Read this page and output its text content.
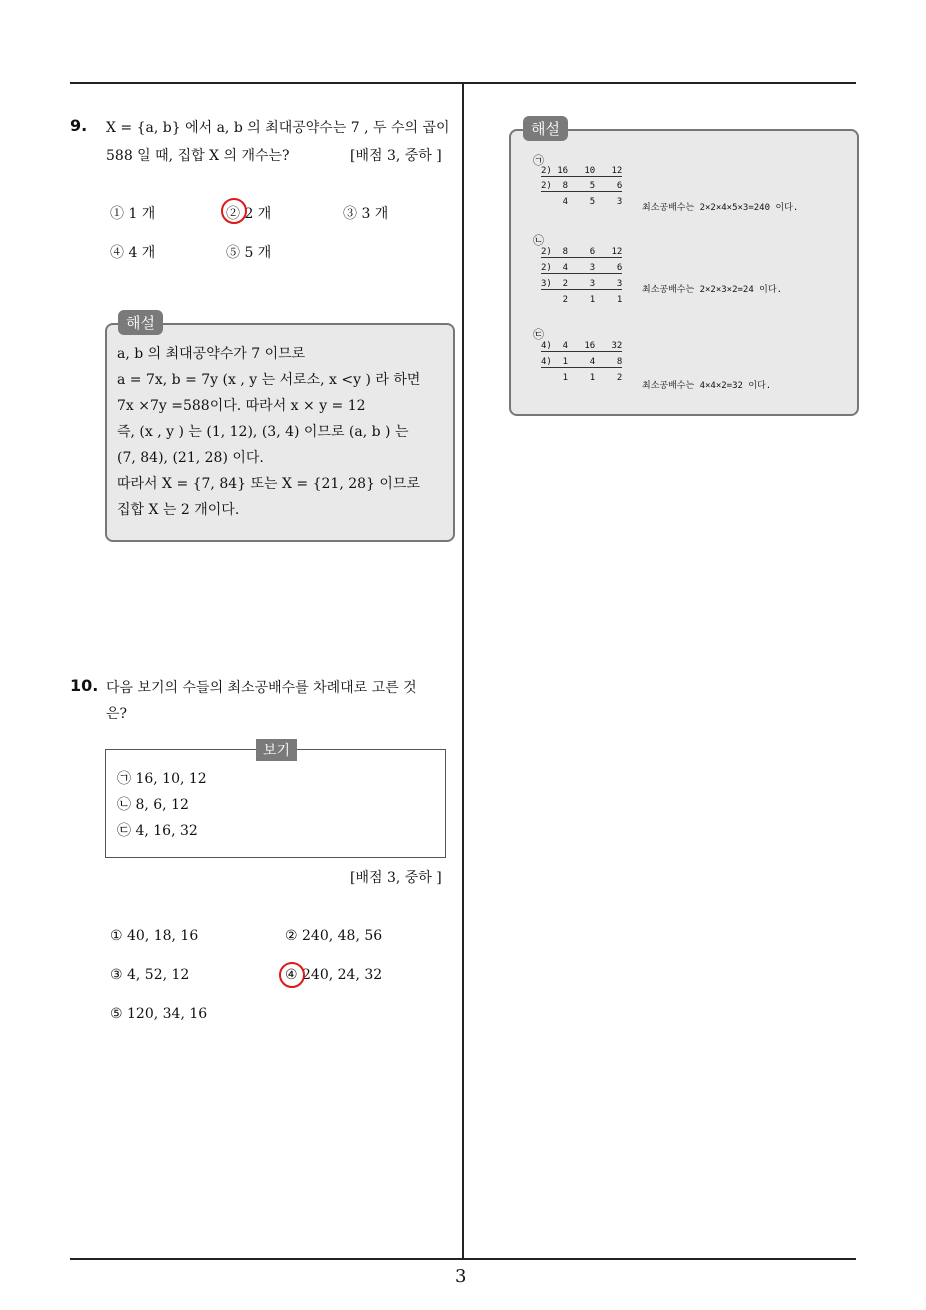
3
9. X = {a, b} 에서 a, b 의 최대공약수는 7 , 두 수의 곱이
588 일 때, 집합 X 의 개수는?	[배점 3, 중하 ]
① 1 개	② 2 개	③ 3 개
④ 4 개	⑤ 5 개
해설
a, b 의 최대공약수가 7 이므로
a = 7x, b = 7y (x , y 는 서로소, x <y ) 라 하면
7x ×7y =588이다. 따라서 x × y = 12
즉, (x , y ) 는 (1, 12), (3, 4) 이므로 (a, b ) 는
(7, 84), (21, 28) 이다.
따라서 X = {7, 84} 또는 X = {21, 28} 이므로
집합 X 는 2 개이다.
10. 다음 보기의 수들의 최소공배수를 차례대로 고른 것
은?
보기
㉠ 16, 10, 12
㉡ 8, 6, 12
㉢ 4, 16, 32
[배점 3, 중하 ]
① 40, 18, 16	② 240, 48, 56
③ 4, 52, 12	④ 240, 24, 32
⑤ 120, 34, 16
해설
㉠
2) 16   10   12
2)  8    5    6
4    5    3
최소공배수는 2×2×4×5×3=240 이다.
㉡
2)  8    6   12
2)  4    3    6
3)  2    3    3
2    1    1
최소공배수는 2×2×3×2=24 이다.
㉢
4)  4   16   32
4)  1    4    8
1    1    2
최소공배수는 4×4×2=32 이다.
